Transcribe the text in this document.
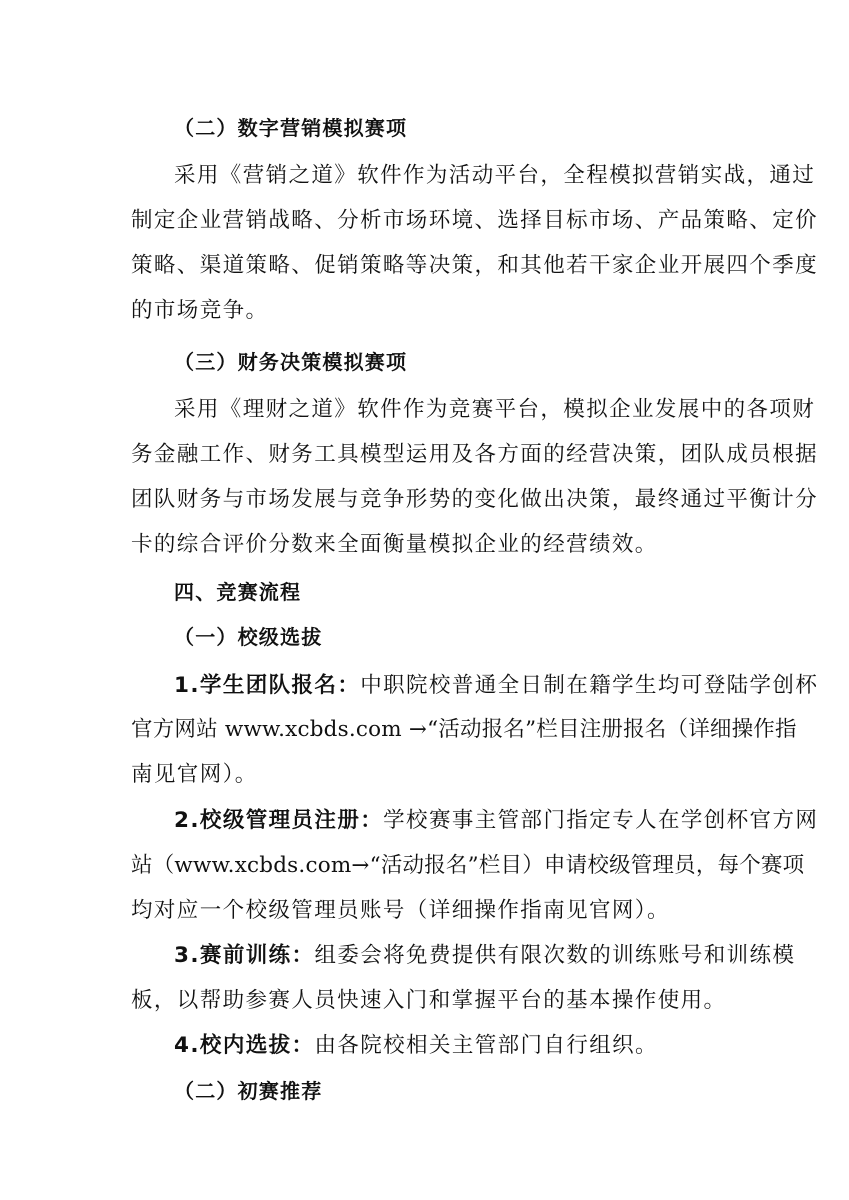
（二）数字营销模拟赛项
采用《营销之道》软件作为活动平台，全程模拟营销实战，通过
制定企业营销战略、分析市场环境、选择目标市场、产品策略、定价
策略、渠道策略、促销策略等决策，和其他若干家企业开展四个季度
的市场竞争。
（三）财务决策模拟赛项
采用《理财之道》软件作为竞赛平台，模拟企业发展中的各项财
务金融工作、财务工具模型运用及各方面的经营决策，团队成员根据
团队财务与市场发展与竞争形势的变化做出决策，最终通过平衡计分
卡的综合评价分数来全面衡量模拟企业的经营绩效。
四、竞赛流程
（一）校级选拔
1.学生团队报名：中职院校普通全日制在籍学生均可登陆学创杯
官方网站 www.xcbds.com →“活动报名”栏目注册报名（详细操作指
南见官网）。
2.校级管理员注册：学校赛事主管部门指定专人在学创杯官方网
站（www.xcbds.com→“活动报名”栏目）申请校级管理员，每个赛项
均对应一个校级管理员账号（详细操作指南见官网）。
3.赛前训练：组委会将免费提供有限次数的训练账号和训练模
板，以帮助参赛人员快速入门和掌握平台的基本操作使用。
4.校内选拔：由各院校相关主管部门自行组织。
（二）初赛推荐
